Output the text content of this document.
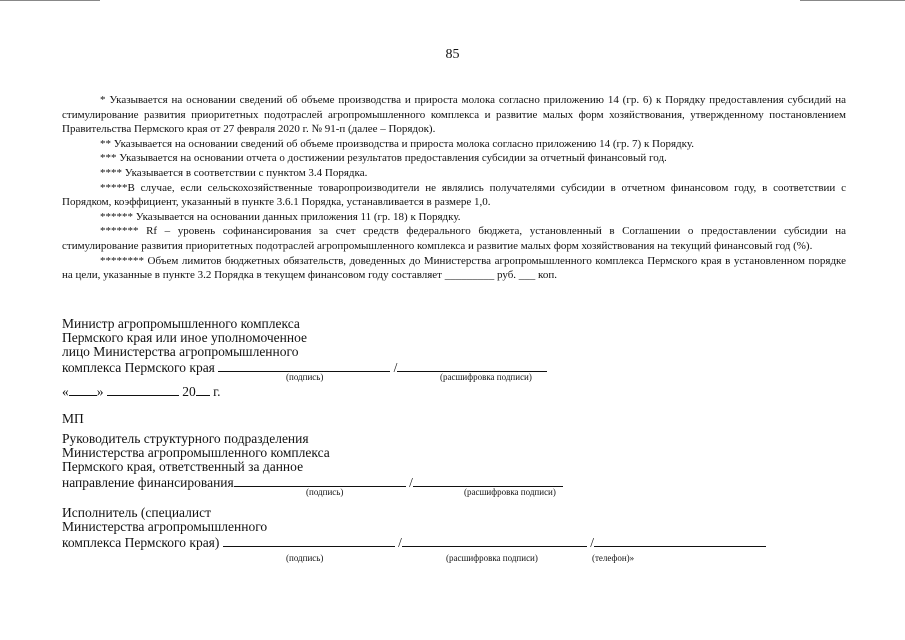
85

* Указывается на основании сведений об объеме производства и прироста молока согласно приложению 14 (гр. 6) к Порядку предоставления субсидий на стимулирование развития приоритетных подотраслей агропромышленного комплекса и развитие малых форм хозяйствования, утвержденному постановлением Правительства Пермского края от 27 февраля 2020 г. № 91-п (далее – Порядок).

** Указывается на основании сведений об объеме производства и прироста молока согласно приложению 14 (гр. 7) к Порядку.

*** Указывается на основании отчета о достижении результатов предоставления субсидии за отчетный финансовый год.

**** Указывается в соответствии с пунктом 3.4 Порядка.

*****В случае, если сельскохозяйственные товаропроизводители не являлись получателями субсидии в отчетном финансовом году, в соответствии с Порядком, коэффициент, указанный в пункте 3.6.1 Порядка, устанавливается в размере 1,0.

****** Указывается на основании данных приложения 11 (гр. 18) к Порядку.

******* Rf – уровень софинансирования за счет средств федерального бюджета, установленный в Соглашении о предоставлении субсидии на стимулирование развития приоритетных подотраслей агропромышленного комплекса и развитие малых форм хозяйствования на текущий финансовый год (%).

******** Объем лимитов бюджетных обязательств, доведенных до Министерства агропромышленного комплекса Пермского края в установленном порядке на цели, указанные в пункте 3.2 Порядка в текущем финансовом году составляет _________ руб. ___ коп.

Министр агропромышленного комплекса
Пермского края или иное уполномоченное
лицо Министерства агропромышленного
комплекса Пермского края	/
(подпись)	(расшифровка подписи)
« »	20 г.
МП
Руководитель структурного подразделения
Министерства агропромышленного комплекса
Пермского края, ответственный за данное
направление финансирования	/
(подпись)	(расшифровка подписи)
Исполнитель (специалист
Министерства агропромышленного
комплекса Пермского края)	/	/
(подпись)	(расшифровка подписи)	(телефон)»
